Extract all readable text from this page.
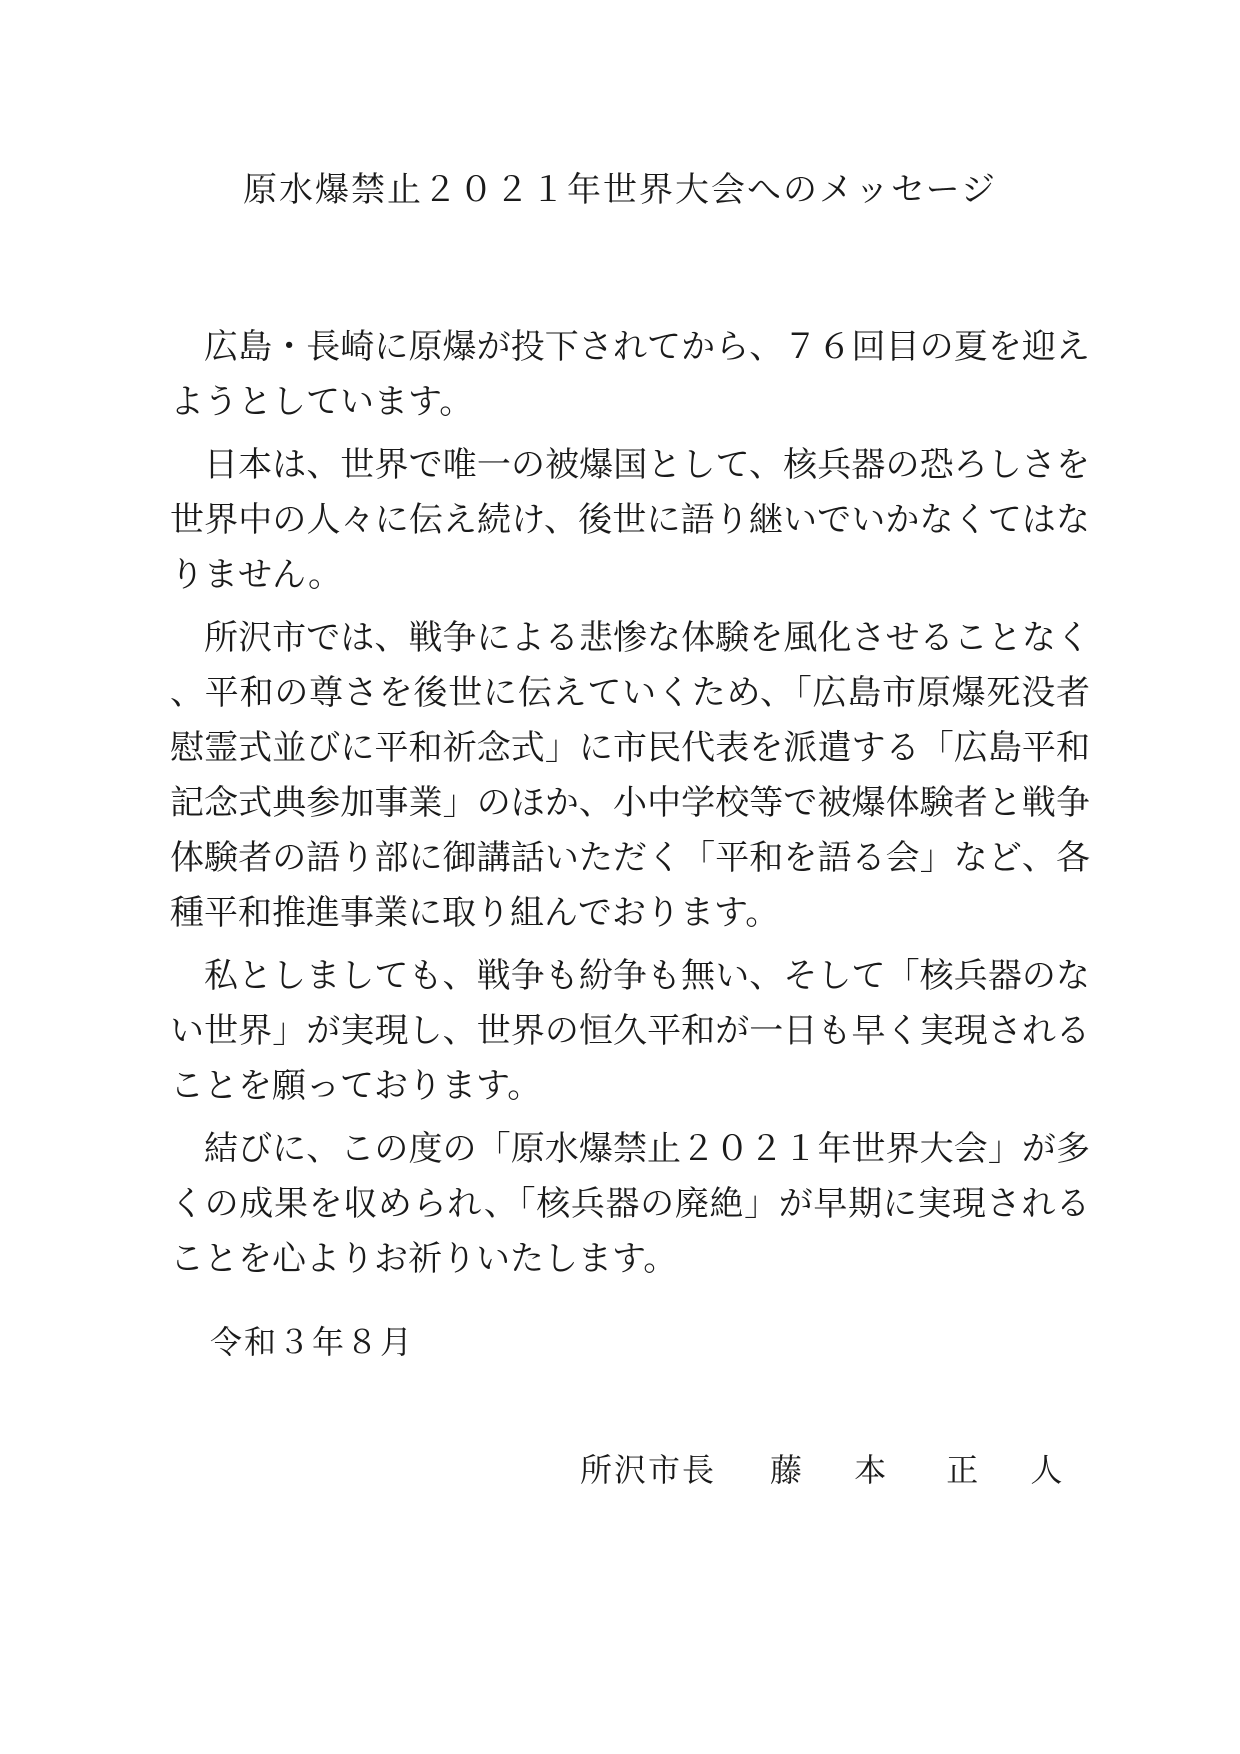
原水爆禁止２０２１年世界大会へのメッセージ

広島・長崎に原爆が投下されてから、７６回目の夏を迎えようとしています。

日本は、世界で唯一の被爆国として、核兵器の恐ろしさを世界中の人々に伝え続け、後世に語り継いでいかなくてはなりません。

所沢市では、戦争による悲惨な体験を風化させることなく、平和の尊さを後世に伝えていくため、「広島市原爆死没者慰霊式並びに平和祈念式」に市民代表を派遣する「広島平和記念式典参加事業」のほか、小中学校等で被爆体験者と戦争体験者の語り部に御講話いただく「平和を語る会」など、各種平和推進事業に取り組んでおります。

私としましても、戦争も紛争も無い、そして「核兵器のない世界」が実現し、世界の恒久平和が一日も早く実現されることを願っております。

結びに、この度の「原水爆禁止２０２１年世界大会」が多くの成果を収められ、「核兵器の廃絶」が早期に実現されることを心よりお祈りいたします。

令和３年８月
所沢市長 藤 本　正 人
